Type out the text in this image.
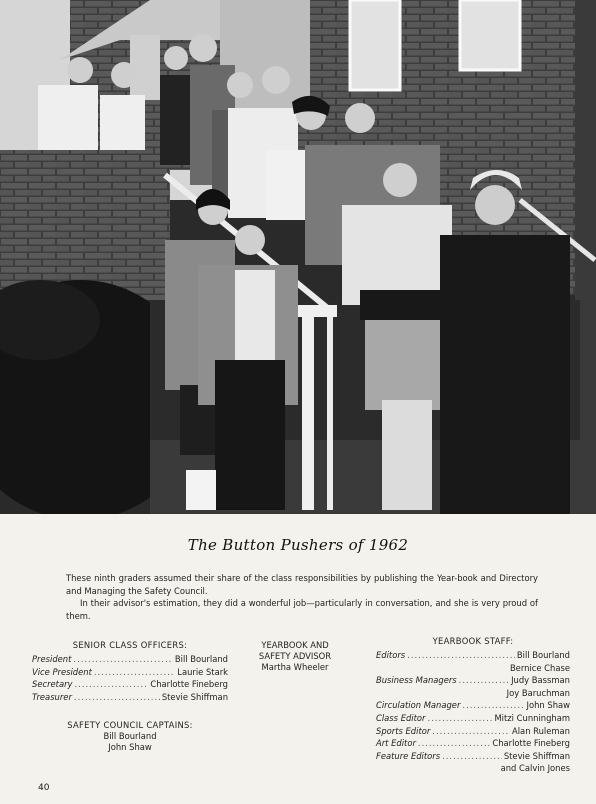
The Button Pushers of 1962

These ninth graders assumed their share of the class responsibilities by publishing the Year-book and Directory and Managing the Safety Council.

In their advisor's estimation, they did a wonderful job—particularly in conversation, and she is very proud of them.

SENIOR CLASS OFFICERS:
President .....	Bill Bourland
Vice President .....	Laurie Stark
Secretary .....	Charlotte Fineberg
Treasurer .....	Stevie Shiffman
YEARBOOK AND
SAFETY ADVISOR
Martha Wheeler
YEARBOOK STAFF:
Editors .....	Bill Bourland
Bernice Chase
Business Managers .....	Judy Bassman
Joy Baruchman
Circulation Manager .....	John Shaw
Class Editor .....	Mitzi Cunningham
Sports Editor .....	Alan Ruleman
Art Editor .....	Charlotte Fineberg
Feature Editors .....	Stevie Shiffman
and Calvin Jones
SAFETY COUNCIL CAPTAINS:
Bill Bourland
John Shaw
40
